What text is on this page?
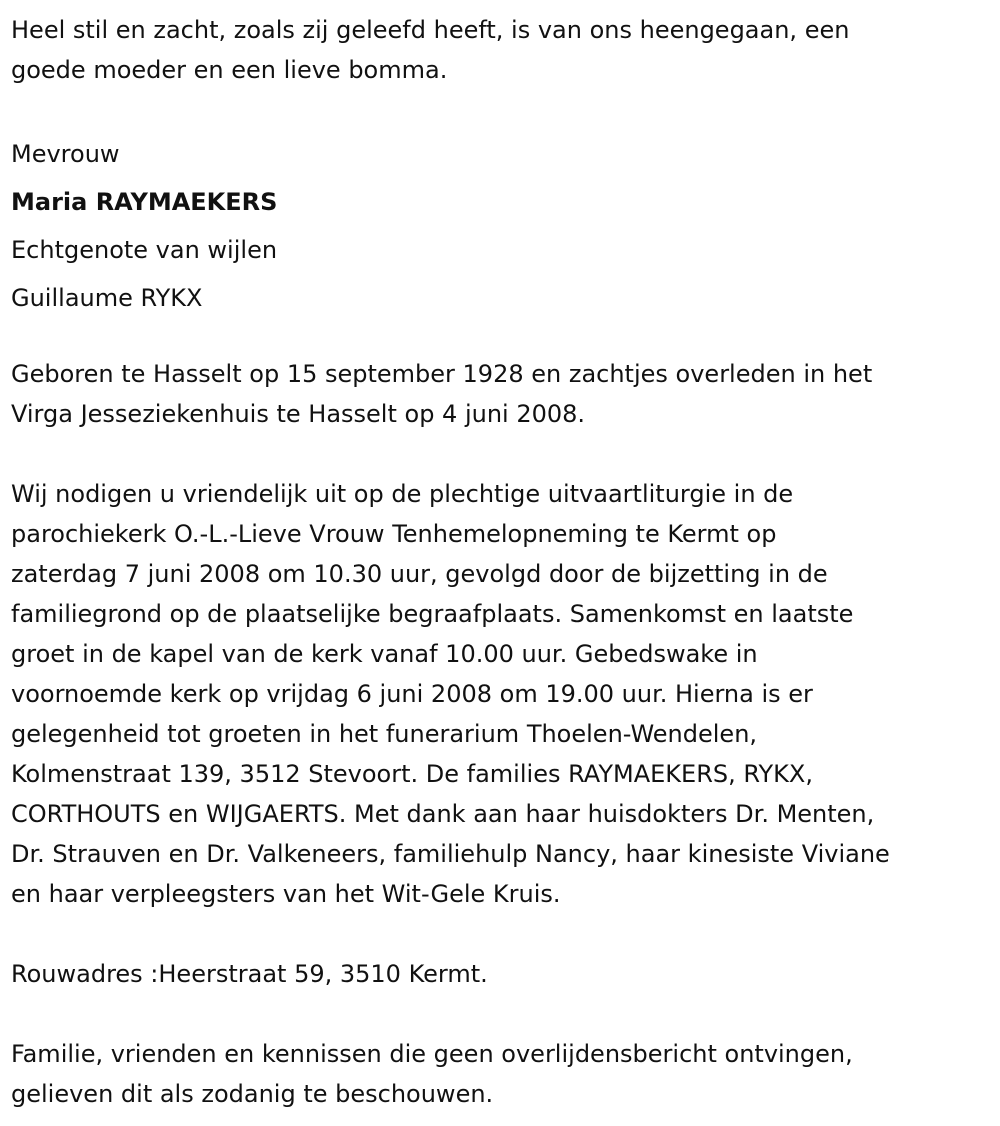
Heel stil en zacht, zoals zij geleefd heeft, is van ons heengegaan, een
goede moeder en een lieve bomma.
Mevrouw
Maria RAYMAEKERS
Echtgenote van wijlen
Guillaume RYKX
Geboren te Hasselt op 15 september 1928 en zachtjes overleden in het
Virga Jesseziekenhuis te Hasselt op 4 juni 2008.
Wij nodigen u vriendelijk uit op de plechtige uitvaartliturgie in de
parochiekerk O.-L.-Lieve Vrouw Tenhemelopneming te Kermt op
zaterdag 7 juni 2008 om 10.30 uur, gevolgd door de bijzetting in de
familiegrond op de plaatselijke begraafplaats. Samenkomst en laatste
groet in de kapel van de kerk vanaf 10.00 uur. Gebedswake in
voornoemde kerk op vrijdag 6 juni 2008 om 19.00 uur. Hierna is er
gelegenheid tot groeten in het funerarium Thoelen-Wendelen,
Kolmenstraat 139, 3512 Stevoort. De families RAYMAEKERS, RYKX,
CORTHOUTS en WIJGAERTS. Met dank aan haar huisdokters Dr. Menten,
Dr. Strauven en Dr. Valkeneers, familiehulp Nancy, haar kinesiste Viviane
en haar verpleegsters van het Wit-Gele Kruis.
Rouwadres :Heerstraat 59, 3510 Kermt.
Familie, vrienden en kennissen die geen overlijdensbericht ontvingen,
gelieven dit als zodanig te beschouwen.
